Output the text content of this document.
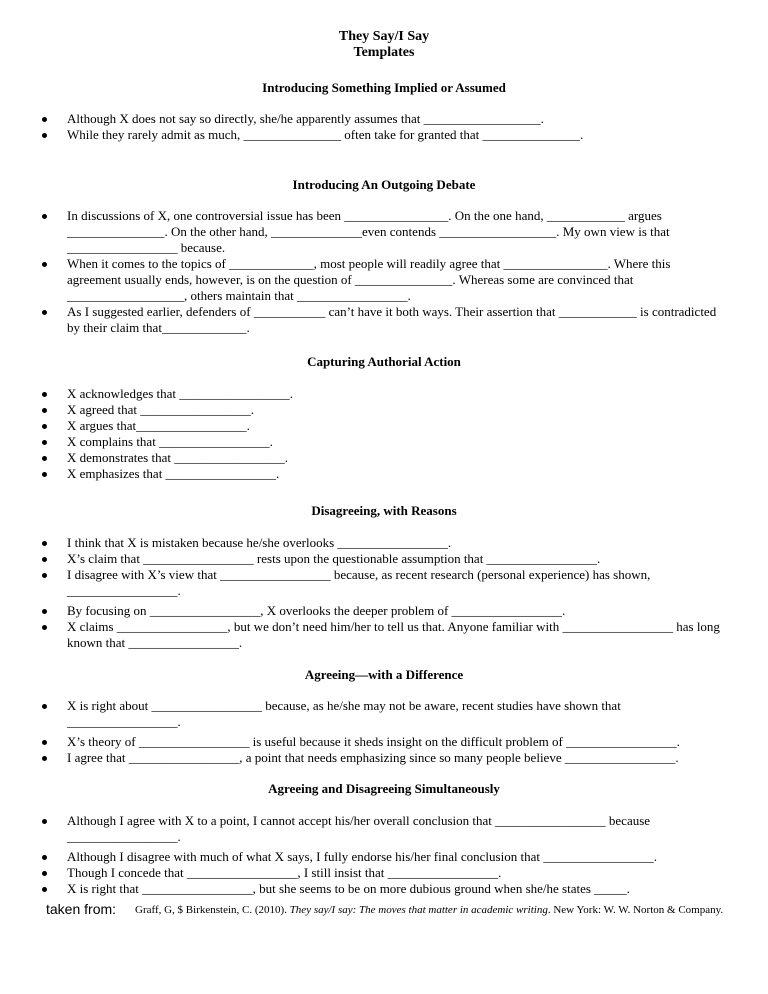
They Say/I Say
Templates
Introducing Something Implied or Assumed
Although X does not say so directly, she/he apparently assumes that __________________.
While they rarely admit as much, _______________ often take for granted that _______________.
Introducing An Outgoing Debate
In discussions of X, one controversial issue has been ________________. On the one hand, ____________ argues _______________. On the other hand, ______________even contends __________________. My own view is that _________________ because.
When it comes to the topics of _____________, most people will readily agree that ________________. Where this agreement usually ends, however, is on the question of _______________. Whereas some are convinced that __________________, others maintain that _________________.
As I suggested earlier, defenders of ___________ can’t have it both ways. Their assertion that ____________ is contradicted by their claim that_____________.
Capturing Authorial Action
X acknowledges that _________________.
X agreed that _________________.
X argues that_________________.
X complains that _________________.
X demonstrates that _________________.
X emphasizes that _________________.
Disagreeing, with Reasons
I think that X is mistaken because he/she overlooks _________________.
X’s claim that _________________ rests upon the questionable assumption that _________________.
I disagree with X’s view that _________________ because, as recent research (personal experience) has shown, _________________.
By focusing on _________________, X overlooks the deeper problem of _________________.
X claims _________________, but we don’t need him/her to tell us that. Anyone familiar with _________________ has long known that _________________.
Agreeing—with a Difference
X is right about _________________ because, as he/she may not be aware, recent studies have shown that _________________.
X’s theory of _________________ is useful because it sheds insight on the difficult problem of _________________.
I agree that _________________, a point that needs emphasizing since so many people believe _________________.
Agreeing and Disagreeing Simultaneously
Although I agree with X to a point, I cannot accept his/her overall conclusion that _________________ because _________________.
Although I disagree with much of what X says, I fully endorse his/her final conclusion that _________________.
Though I concede that _________________, I still insist that _________________.
X is right that _________________, but she seems to be on more dubious ground when she/he states _____.
taken from: Graff, G, $ Birkenstein, C. (2010). They say/I say: The moves that matter in academic writing. New York: W. W. Norton & Company.
